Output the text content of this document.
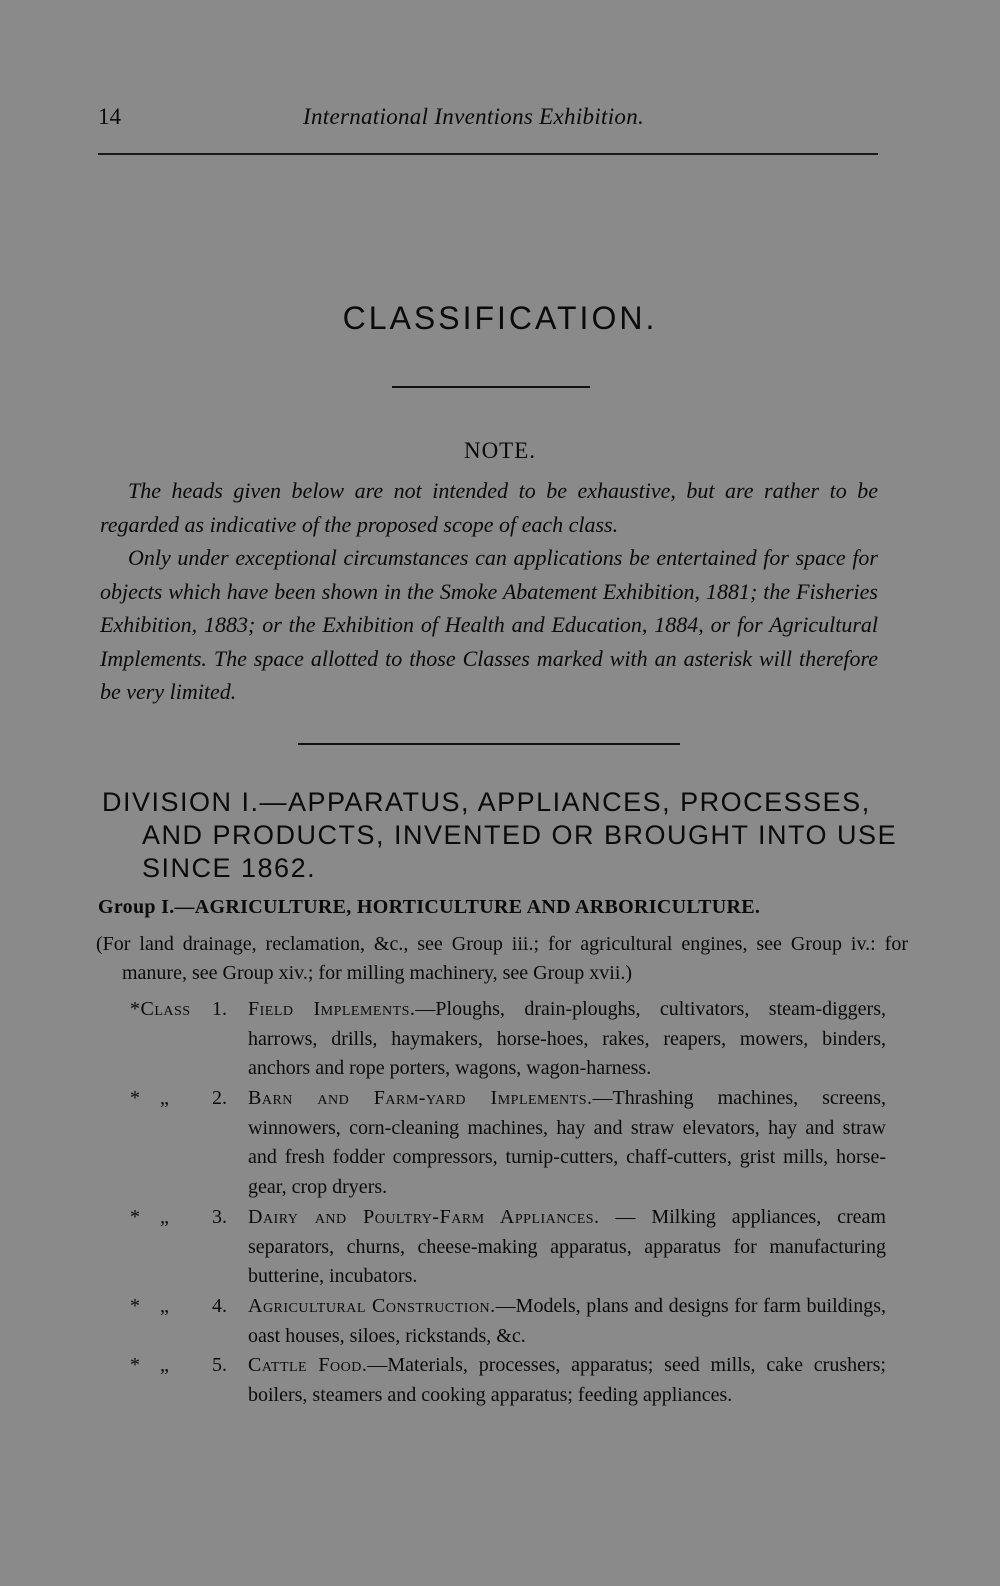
14	International Inventions Exhibition.
CLASSIFICATION.
NOTE.

The heads given below are not intended to be exhaustive, but are rather to be regarded as indicative of the proposed scope of each class.

Only under exceptional circumstances can applications be entertained for space for objects which have been shown in the Smoke Abatement Exhibition, 1881; the Fisheries Exhibition, 1883; or the Exhibition of Health and Education, 1884, or for Agricultural Implements. The space allotted to those Classes marked with an asterisk will therefore be very limited.

DIVISION I.—APPARATUS, APPLIANCES, PROCESSES, AND PRODUCTS, INVENTED OR BROUGHT INTO USE SINCE 1862.
Group I.—AGRICULTURE, HORTICULTURE AND ARBORICULTURE.
(For land drainage, reclamation, &c., see Group iii.; for agricultural engines, see Group iv.: for manure, see Group xiv.; for milling machinery, see Group xvii.)
*Class 1. Field Implements.—Ploughs, drain-ploughs, cultivators, steam-diggers, harrows, drills, haymakers, horse-hoes, rakes, reapers, mowers, binders, anchors and rope porters, wagons, wagon-harness.
* „ 2. Barn and Farm-yard Implements.—Thrashing machines, screens, winnowers, corn-cleaning machines, hay and straw elevators, hay and straw and fresh fodder compressors, turnip-cutters, chaff-cutters, grist mills, horse-gear, crop dryers.
* „ 3. Dairy and Poultry-Farm Appliances. — Milking appliances, cream separators, churns, cheese-making apparatus, apparatus for manufacturing butterine, incubators.
* „ 4. Agricultural Construction.—Models, plans and designs for farm buildings, oast houses, siloes, rickstands, &c.
* „ 5. Cattle Food.—Materials, processes, apparatus; seed mills, cake crushers; boilers, steamers and cooking apparatus; feeding appliances.
